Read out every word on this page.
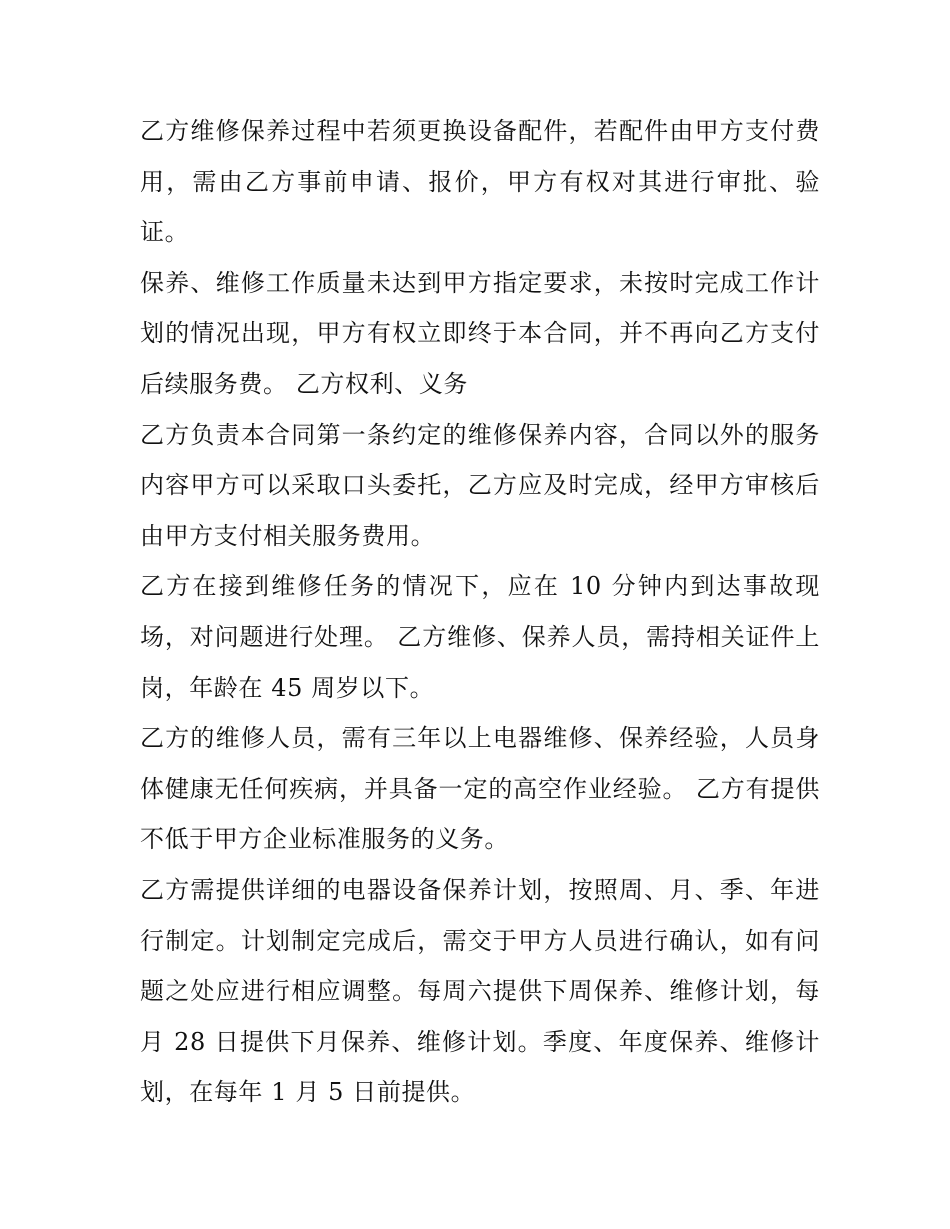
乙方维修保养过程中若须更换设备配件，若配件由甲方支付费用，需由乙方事前申请、报价，甲方有权对其进行审批、验证。

保养、维修工作质量未达到甲方指定要求，未按时完成工作计划的情况出现，甲方有权立即终于本合同，并不再向乙方支付后续服务费。 乙方权利、义务

乙方负责本合同第一条约定的维修保养内容，合同以外的服务内容甲方可以采取口头委托，乙方应及时完成，经甲方审核后由甲方支付相关服务费用。

乙方在接到维修任务的情况下，应在 10 分钟内到达事故现场，对问题进行处理。 乙方维修、保养人员，需持相关证件上岗，年龄在 45 周岁以下。

乙方的维修人员，需有三年以上电器维修、保养经验，人员身体健康无任何疾病，并具备一定的高空作业经验。 乙方有提供不低于甲方企业标准服务的义务。

乙方需提供详细的电器设备保养计划，按照周、月、季、年进行制定。计划制定完成后，需交于甲方人员进行确认，如有问题之处应进行相应调整。每周六提供下周保养、维修计划，每月 28 日提供下月保养、维修计划。季度、年度保养、维修计划，在每年 1 月 5 日前提供。
